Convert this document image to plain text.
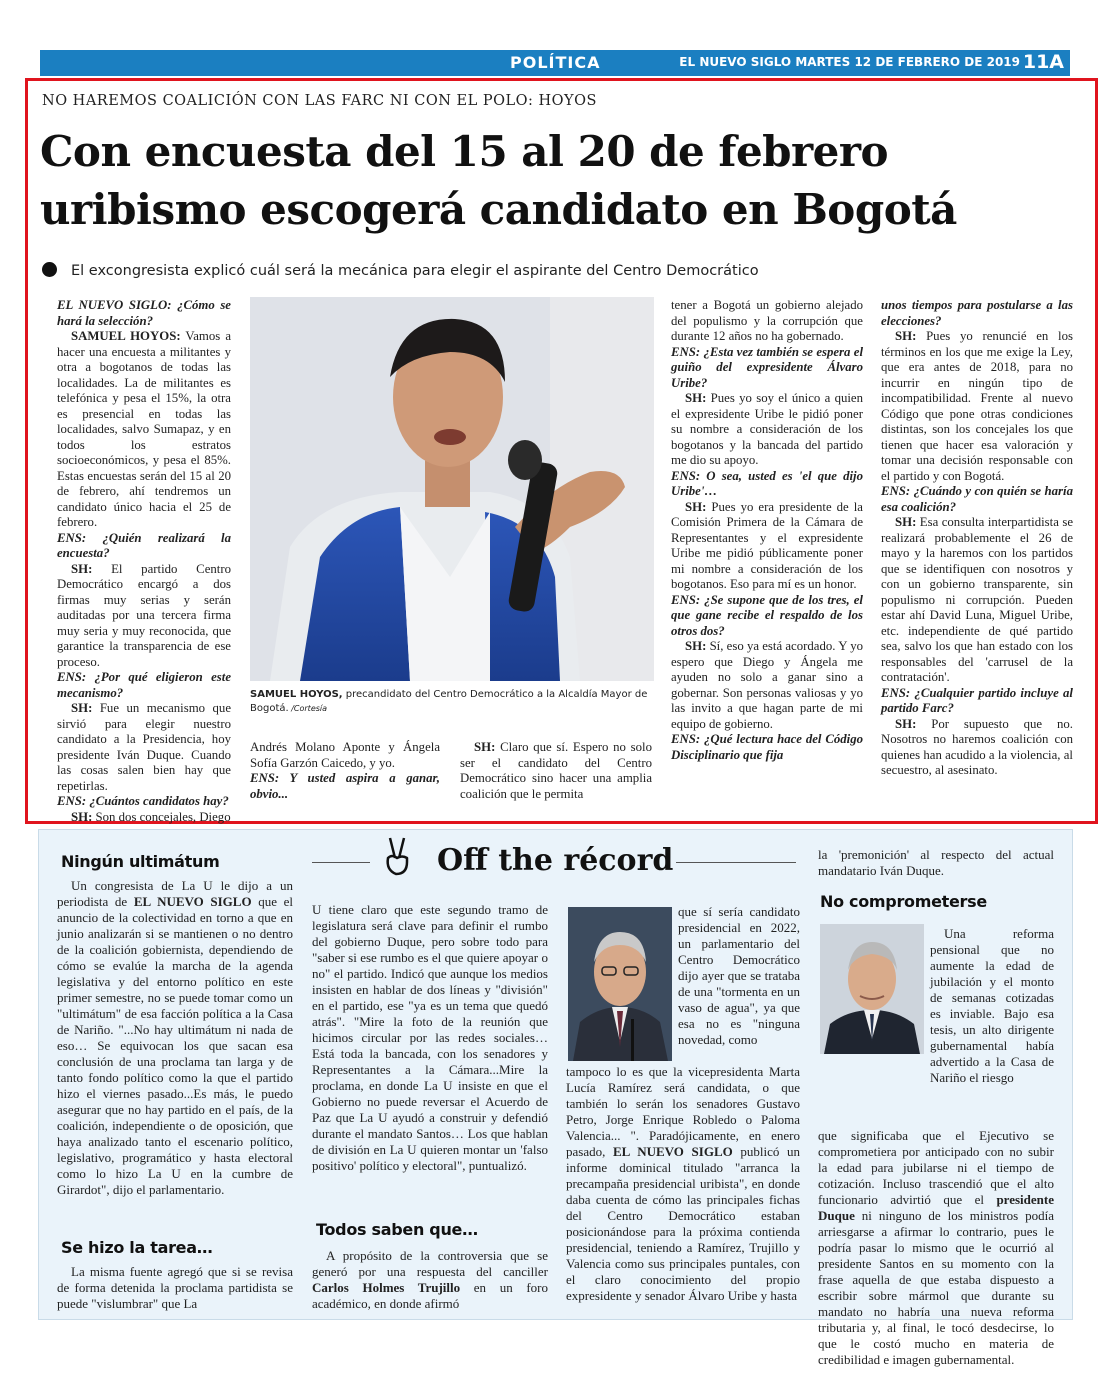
POLÍTICA	EL NUEVO SIGLO MARTES 12 DE FEBRERO DE 2019 11A
NO HAREMOS COALICIÓN CON LAS FARC NI CON EL POLO: HOYOS
Con encuesta del 15 al 20 de febrero
uribismo escogerá candidato en Bogotá
El excongresista explicó cuál será la mecánica para elegir el aspirante del Centro Democrático

EL NUEVO SIGLO: ¿Cómo se hará la selección?

SAMUEL HOYOS: Vamos a hacer una encuesta a militantes y otra a bogotanos de todas las localidades. La de militantes es telefónica y pesa el 15%, la otra es presencial en todas las localidades, salvo Sumapaz, y en todos los estratos socioeconómicos, y pesa el 85%. Estas encuestas serán del 15 al 20 de febrero, ahí tendremos un candidato único hacia el 25 de febrero.

ENS: ¿Quién realizará la encuesta?

SH: El partido Centro Democrático encargó a dos firmas muy serias y serán auditadas por una tercera firma muy seria y muy reconocida, que garantice la transparencia de ese proceso.

ENS: ¿Por qué eligieron este mecanismo?

SH: Fue un mecanismo que sirvió para elegir nuestro candidato a la Presidencia, hoy presidente Iván Duque. Cuando las cosas salen bien hay que repetirlas.

ENS: ¿Cuántos candidatos hay?

SH: Son dos concejales, Diego

Andrés Molano Aponte y Ángela Sofía Garzón Caicedo, y yo.

ENS: Y usted aspira a ganar, obvio...

SH: Claro que sí. Espero no solo ser el candidato del Centro Democrático sino hacer una amplia coalición que le permita

tener a Bogotá un gobierno alejado del populismo y la corrupción que durante 12 años no ha gobernado.

ENS: ¿Esta vez también se espera el guiño del expresidente Álvaro Uribe?

SH: Pues yo soy el único a quien el expresidente Uribe le pidió poner su nombre a consideración de los bogotanos y la bancada del partido me dio su apoyo.

ENS: O sea, usted es 'el que dijo Uribe'…

SH: Pues yo era presidente de la Comisión Primera de la Cámara de Representantes y el expresidente Uribe me pidió públicamente poner mi nombre a consideración de los bogotanos. Eso para mí es un honor.

ENS: ¿Se supone que de los tres, el que gane recibe el respaldo de los otros dos?

SH: Sí, eso ya está acordado. Y yo espero que Diego y Ángela me ayuden no solo a ganar sino a gobernar. Son personas valiosas y yo las invito a que hagan parte de mi equipo de gobierno.

ENS: ¿Qué lectura hace del Código Disciplinario que fija

unos tiempos para postularse a las elecciones?

SH: Pues yo renuncié en los términos en los que me exige la Ley, que era antes de 2018, para no incurrir en ningún tipo de incompatibilidad. Frente al nuevo Código que pone otras condiciones distintas, son los concejales los que tienen que hacer esa valoración y tomar una decisión responsable con el partido y con Bogotá.

ENS: ¿Cuándo y con quién se haría esa coalición?

SH: Esa consulta interpartidista se realizará probablemente el 26 de mayo y la haremos con los partidos que se identifiquen con nosotros y con un gobierno transparente, sin populismo ni corrupción. Pueden estar ahí David Luna, Miguel Uribe, etc. independiente de qué partido sea, salvo los que han estado con los responsables del 'carrusel de la contratación'.

ENS: ¿Cualquier partido incluye al partido Farc?

SH: Por supuesto que no. Nosotros no haremos coalición con quienes han acudido a la violencia, al secuestro, al asesinato.

SAMUEL HOYOS, precandidato del Centro Democrático a la Alcaldía Mayor de Bogotá. /Cortesía
Off the récord
Ningún ultimátum

Un congresista de La U le dijo a un periodista de EL NUEVO SIGLO que el anuncio de la colectividad en torno a que en junio analizarán si se mantienen o no dentro de la coalición gobiernista, dependiendo de cómo se evalúe la marcha de la agenda legislativa y del entorno político en este primer semestre, no se puede tomar como un "ultimátum" de esa facción política a la Casa de Nariño. "...No hay ultimátum ni nada de eso… Se equivocan los que sacan esa conclusión de una proclama tan larga y de tanto fondo político como la que el partido hizo el viernes pasado...Es más, le puedo asegurar que no hay partido en el país, de la coalición, independiente o de oposición, que haya analizado tanto el escenario político, legislativo, programático y hasta electoral como lo hizo La U en la cumbre de Girardot", dijo el parlamentario.

Se hizo la tarea…

La misma fuente agregó que si se revisa de forma detenida la proclama partidista se puede "vislumbrar" que La

U tiene claro que este segundo tramo de legislatura será clave para definir el rumbo del gobierno Duque, pero sobre todo para "saber si ese rumbo es el que quiere apoyar o no" el partido. Indicó que aunque los medios insisten en hablar de dos líneas y "división" en el partido, ese "ya es un tema que quedó atrás". "Mire la foto de la reunión que hicimos circular por las redes sociales… Está toda la bancada, con los senadores y Representantes a la Cámara...Mire la proclama, en donde La U insiste en que el Gobierno no puede reversar el Acuerdo de Paz que La U ayudó a construir y defendió durante el mandato Santos… Los que hablan de división en La U quieren montar un 'falso positivo' político y electoral", puntualizó.

Todos saben que…

A propósito de la controversia que se generó por una respuesta del canciller Carlos Holmes Trujillo en un foro académico, en donde afirmó

que sí sería candidato presidencial en 2022, un parlamentario del Centro Democrático dijo ayer que se trataba de una "tormenta en un vaso de agua", ya que esa no es "ninguna novedad, como

tampoco lo es que la vicepresidenta Marta Lucía Ramírez será candidata, o que también lo serán los senadores Gustavo Petro, Jorge Enrique Robledo o Paloma Valencia... ". Paradójicamente, en enero pasado, EL NUEVO SIGLO publicó un informe dominical titulado "arranca la precampaña presidencial uribista", en donde daba cuenta de cómo las principales fichas del Centro Democrático estaban posicionándose para la próxima contienda presidencial, teniendo a Ramírez, Trujillo y Valencia como sus principales puntales, con el claro conocimiento del propio expresidente y senador Álvaro Uribe y hasta

la 'premonición' al respecto del actual mandatario Iván Duque.

No comprometerse

Una reforma pensional que no aumente la edad de jubilación y el monto de semanas cotizadas es inviable. Bajo esa tesis, un alto dirigente gubernamental había advertido a la Casa de Nariño el riesgo

que significaba que el Ejecutivo se comprometiera por anticipado con no subir la edad para jubilarse ni el tiempo de cotización. Incluso trascendió que el alto funcionario advirtió que el presidente Duque ni ninguno de los ministros podía arriesgarse a afirmar lo contrario, pues le podría pasar lo mismo que le ocurrió al presidente Santos en su momento con la frase aquella de que estaba dispuesto a escribir sobre mármol que durante su mandato no habría una nueva reforma tributaria y, al final, le tocó desdecirse, lo que le costó mucho en materia de credibilidad e imagen gubernamental.
